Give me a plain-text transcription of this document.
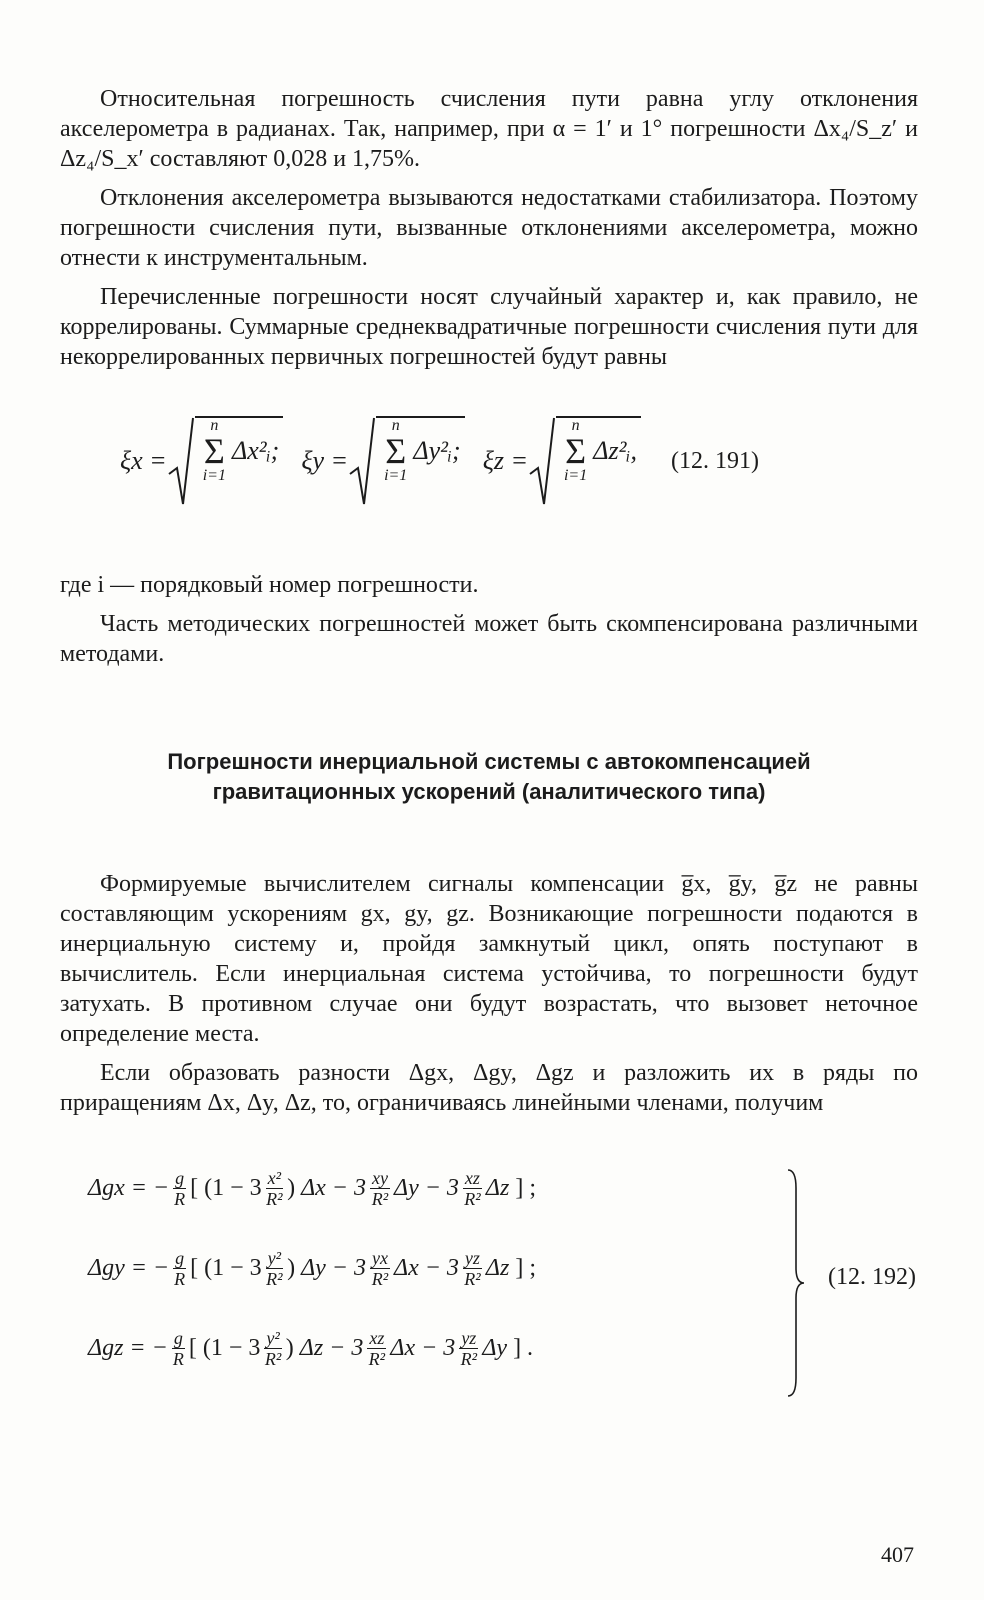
Относительная погрешность счисления пути равна углу отклонения акселерометра в радианах. Так, например, при α = 1′ и 1° погрешности Δx₄/S_z′ и Δz₄/S_x′ составляют 0,028 и 1,75%.

Отклонения акселерометра вызываются недостатками стабилизатора. Поэтому погрешности счисления пути, вызванные отклонениями акселерометра, можно отнести к инструментальным.

Перечисленные погрешности носят случайный характер и, как правило, не коррелированы. Суммарные среднеквадратичные погрешности счисления пути для некоррелированных первичных погрешностей будут равны

ξx =
n
Σ
i=1
Δx²ᵢ; ξy =
n
Σ
i=1
Δy²ᵢ; ξz =
n
Σ
i=1
Δz²ᵢ, (12. 191)

где i — порядковый номер погрешности.

Часть методических погрешностей может быть скомпенсирована различными методами.

Погрешности инерциальной системы с автокомпенсацией
гравитационных ускорений (аналитического типа)

Формируемые вычислителем сигналы компенсации g̅x, g̅y, g̅z не равны составляющим ускорениям gx, gy, gz. Возникающие погрешности подаются в инерциальную систему и, пройдя замкнутый цикл, опять поступают в вычислитель. Если инерциальная система устойчива, то погрешности будут затухать. В противном случае они будут возрастать, что вызовет неточное определение места.

Если образовать разности Δgx, Δgy, Δgz и разложить их в ряды по приращениям Δx, Δy, Δz, то, ограничиваясь линейными членами, получим

Δgx = − $\frac{g}{R}$ [ ($1 - 3 \frac{\text{x²}}{\text{R²}}$ ) $\Delta x - 3 \frac{xy}{\text{R²}}$ $\Delta y - 3 \frac{xz}{\text{R²}}$ Δz
] ;
Δgy = − $\frac{g}{R}$ [ ($1 - 3 \frac{\text{y²}}{\text{R²}}$ ) $\Delta y - 3 \frac{yx}{\text{R²}}$ $\Delta x - 3 \frac{yz}{\text{R²}}$ Δz
] ;
Δgz = − $\frac{g}{R}$ [ ($1 - 3 \frac{\text{y²}}{\text{R²}}$ ) $\Delta z - 3 \frac{xz}{\text{R²}}$ $\Delta x - 3 \frac{yz}{\text{R²}}$ Δy
] .
(12. 192)
407
